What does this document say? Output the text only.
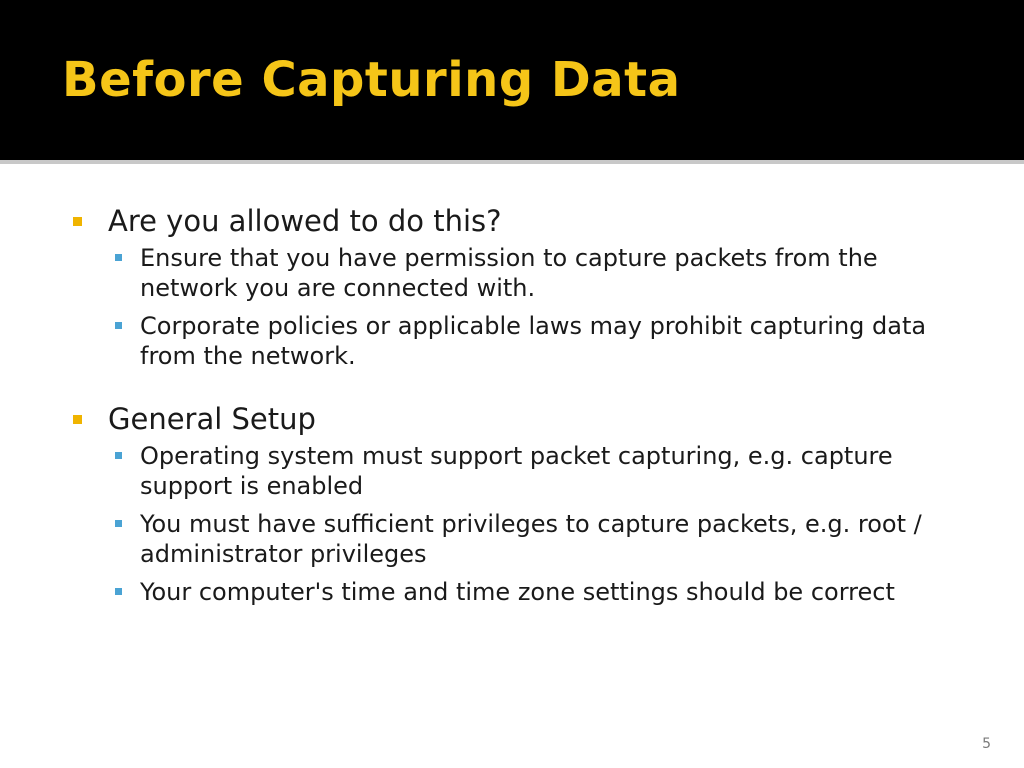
Before Capturing Data
Are you allowed to do this?
Ensure that you have permission to capture packets from the network you are connected with.
Corporate policies or applicable laws may prohibit capturing data from the network.
General Setup
Operating system must support packet capturing, e.g. capture support is enabled
You must have sufficient privileges to capture packets, e.g. root / administrator privileges
Your computer's time and time zone settings should be correct
5
